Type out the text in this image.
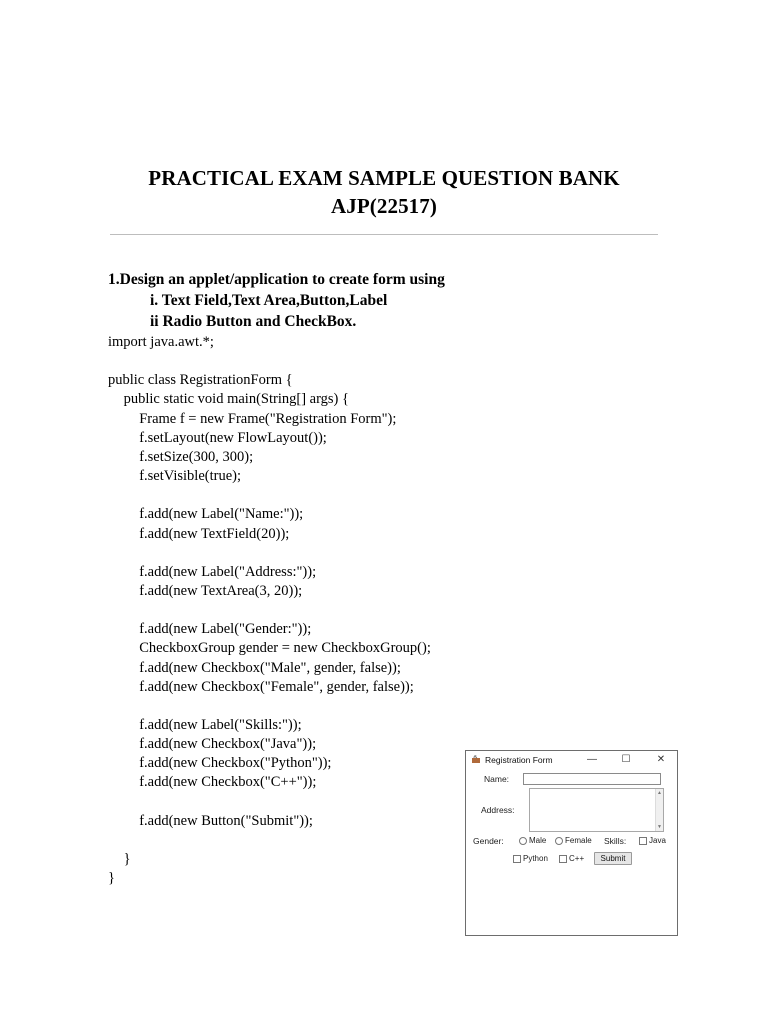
PRACTICAL EXAM SAMPLE QUESTION BANK
AJP(22517)
1.Design an applet/application to create form using
i. Text Field,Text Area,Button,Label
ii Radio Button and CheckBox.
import java.awt.*;
public class RegistrationForm {
public static void main(String[] args) {
Frame f = new Frame("Registration Form");
f.setLayout(new FlowLayout());
f.setSize(300, 300);
f.setVisible(true);
f.add(new Label("Name:"));
f.add(new TextField(20));
f.add(new Label("Address:"));
f.add(new TextArea(3, 20));
f.add(new Label("Gender:"));
CheckboxGroup gender = new CheckboxGroup();
f.add(new Checkbox("Male", gender, false));
f.add(new Checkbox("Female", gender, false));
f.add(new Label("Skills:"));
f.add(new Checkbox("Java"));
f.add(new Checkbox("Python"));
f.add(new Checkbox("C++"));
f.add(new Button("Submit"));
}
}
Registration Form	—	☐	✕
Name:
Address:
▲
▼
Gender:	Male Female Skills:	Java
Python	C++	Submit
